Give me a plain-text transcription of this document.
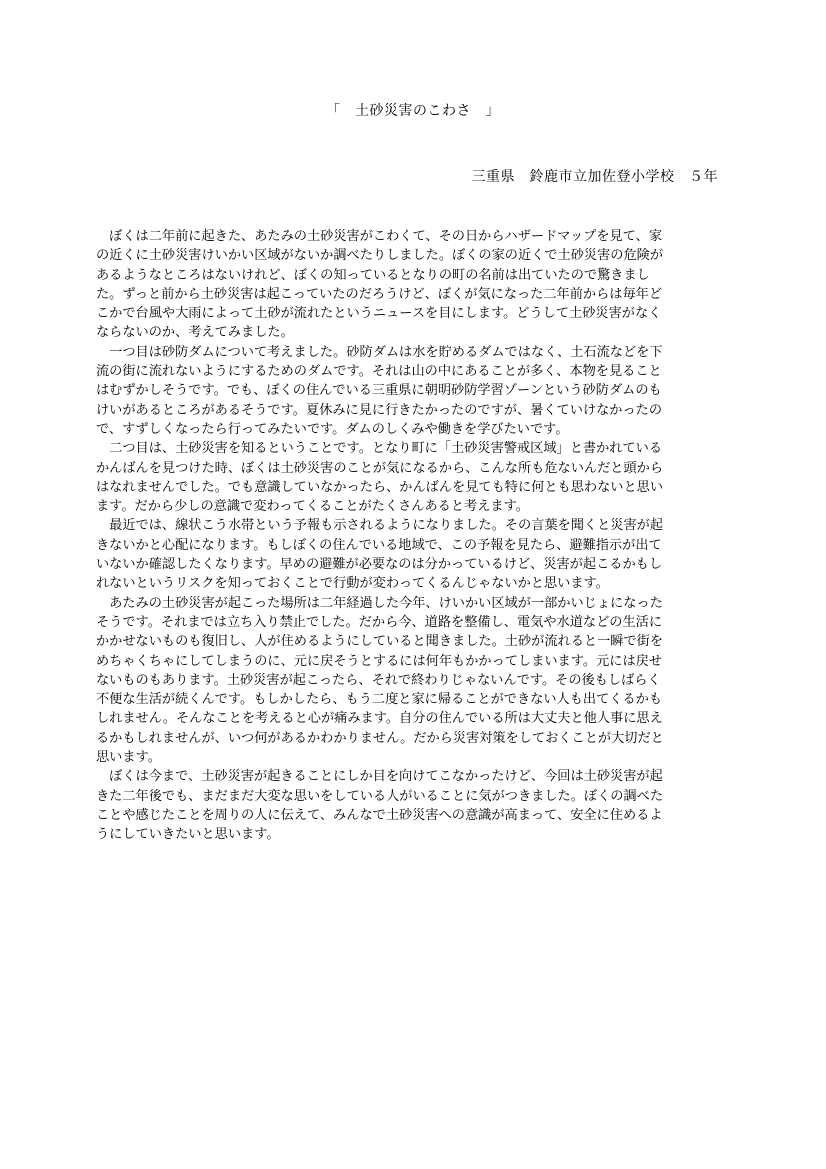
「　土砂災害のこわさ　」
三重県　鈴鹿市立加佐登小学校　５年
　ぼくは二年前に起きた、あたみの土砂災害がこわくて、その日からハザードマップを見て、家
の近くに土砂災害けいかい区域がないか調べたりしました。ぼくの家の近くで土砂災害の危険が
あるようなところはないけれど、ぼくの知っているとなりの町の名前は出ていたので驚きまし
た。ずっと前から土砂災害は起こっていたのだろうけど、ぼくが気になった二年前からは毎年ど
こかで台風や大雨によって土砂が流れたというニュースを目にします。どうして土砂災害がなく
ならないのか、考えてみました。
　一つ目は砂防ダムについて考えました。砂防ダムは水を貯めるダムではなく、土石流などを下
流の街に流れないようにするためのダムです。それは山の中にあることが多く、本物を見ること
はむずかしそうです。でも、ぼくの住んでいる三重県に朝明砂防学習ゾーンという砂防ダムのも
けいがあるところがあるそうです。夏休みに見に行きたかったのですが、暑くていけなかったの
で、すずしくなったら行ってみたいです。ダムのしくみや働きを学びたいです。
　二つ目は、土砂災害を知るということです。となり町に「土砂災害警戒区域」と書かれている
かんばんを見つけた時、ぼくは土砂災害のことが気になるから、こんな所も危ないんだと頭から
はなれませんでした。でも意識していなかったら、かんばんを見ても特に何とも思わないと思い
ます。だから少しの意識で変わってくることがたくさんあると考えます。
　最近では、線状こう水帯という予報も示されるようになりました。その言葉を聞くと災害が起
きないかと心配になります。もしぼくの住んでいる地域で、この予報を見たら、避難指示が出て
いないか確認したくなります。早めの避難が必要なのは分かっているけど、災害が起こるかもし
れないというリスクを知っておくことで行動が変わってくるんじゃないかと思います。
　あたみの土砂災害が起こった場所は二年経過した今年、けいかい区域が一部かいじょになった
そうです。それまでは立ち入り禁止でした。だから今、道路を整備し、電気や水道などの生活に
かかせないものも復旧し、人が住めるようにしていると聞きました。土砂が流れると一瞬で街を
めちゃくちゃにしてしまうのに、元に戻そうとするには何年もかかってしまいます。元には戻せ
ないものもあります。土砂災害が起こったら、それで終わりじゃないんです。その後もしばらく
不便な生活が続くんです。もしかしたら、もう二度と家に帰ることができない人も出てくるかも
しれません。そんなことを考えると心が痛みます。自分の住んでいる所は大丈夫と他人事に思え
るかもしれませんが、いつ何があるかわかりません。だから災害対策をしておくことが大切だと
思います。
　ぼくは今まで、土砂災害が起きることにしか目を向けてこなかったけど、今回は土砂災害が起
きた二年後でも、まだまだ大変な思いをしている人がいることに気がつきました。ぼくの調べた
ことや感じたことを周りの人に伝えて、みんなで土砂災害への意識が高まって、安全に住めるよ
うにしていきたいと思います。
